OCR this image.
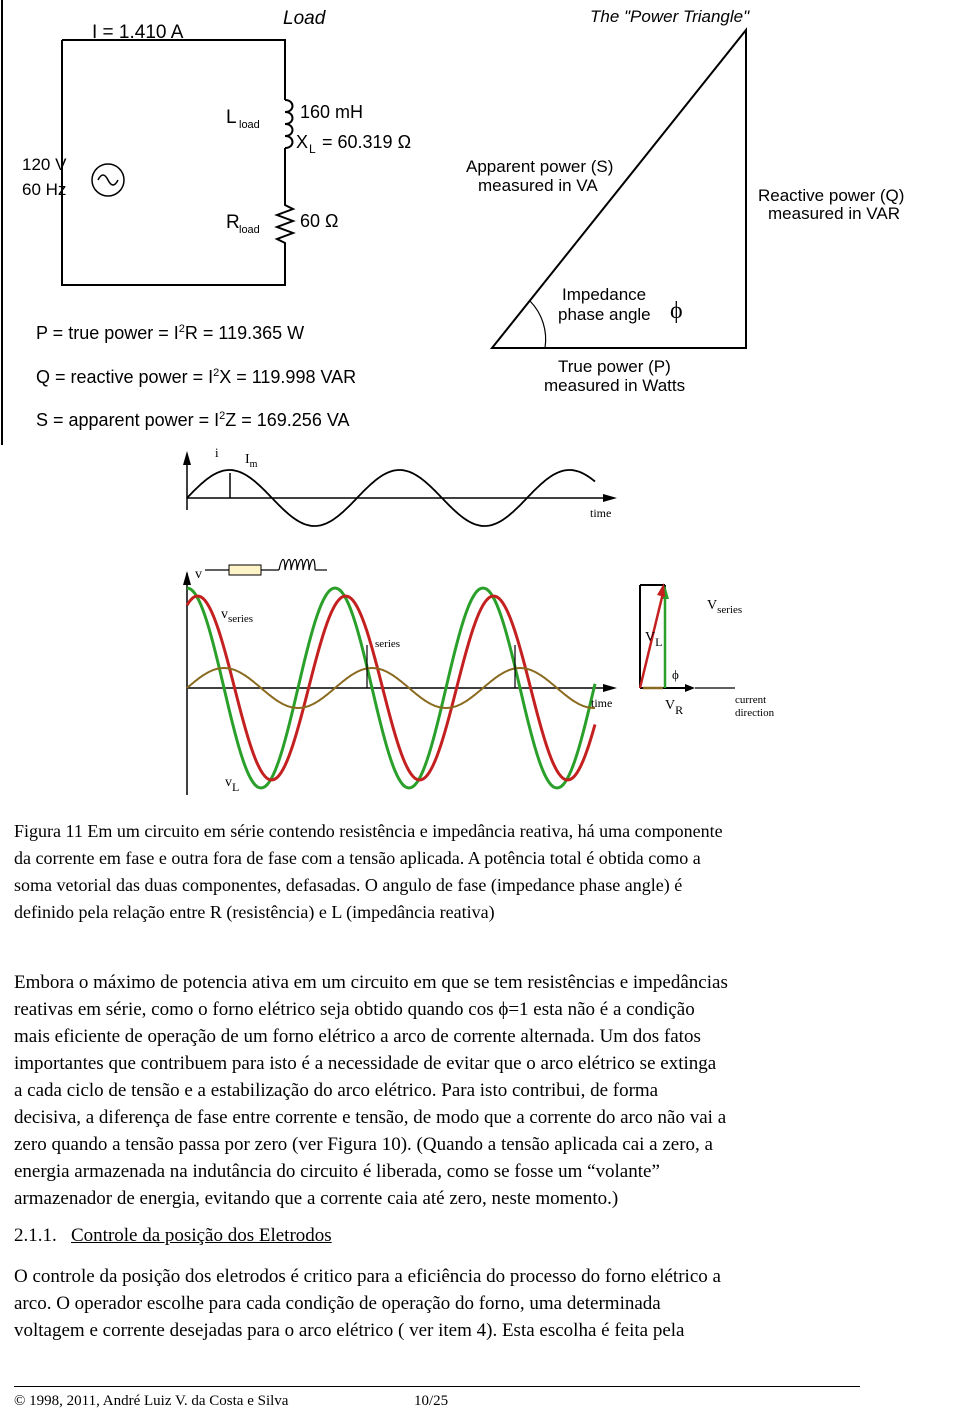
I = 1.410 A
Load
120 V
60 Hz
L load
160 mH
X L = 60.319 Ω
R load 60 Ω
P = true power = $I^2R = 119.365$ W
Q = reactive power = $I^2X = 119.998$ VAR
S = apparent power = $I^2Z = 169.256$ VA
The "Power Triangle"
Apparent power (S)
measured in VA
Reactive power (Q)
measured in VAR
Impedance
phase angle ϕ
True power (P)
measured in Watts
i $I_m$
time
v
$v_{series}$
series
time
vL
$V_{series}$
VL
ϕ
VR
current
direction
Figura 11 Em um circuito em série contendo resistência e impedância reativa, há uma componente
da corrente em fase e outra fora de fase com a tensão aplicada. A potência total é obtida como a
soma vetorial das duas componentes, defasadas. O angulo de fase (impedance phase angle) é
definido pela relação entre R (resistência) e L (impedância reativa)
Embora o máximo de potencia ativa em um circuito em que se tem resistências e impedâncias
reativas em série, como o forno elétrico seja obtido quando cos ϕ=1 esta não é a condição
mais eficiente de operação de um forno elétrico a arco de corrente alternada. Um dos fatos
importantes que contribuem para isto é a necessidade de evitar que o arco elétrico se extinga
a cada ciclo de tensão e a estabilização do arco elétrico. Para isto contribui, de forma
decisiva, a diferença de fase entre corrente e tensão, de modo que a corrente do arco não vai a
zero quando a tensão passa por zero (ver Figura 10). (Quando a tensão aplicada cai a zero, a
energia armazenada na indutância do circuito é liberada, como se fosse um “volante”
armazenador de energia, evitando que a corrente caia até zero, neste momento.)
2.1.1. Controle da posição dos Eletrodos
O controle da posição dos eletrodos é critico para a eficiência do processo do forno elétrico a
arco. O operador escolhe para cada condição de operação do forno, uma determinada
voltagem e corrente desejadas para o arco elétrico ( ver item 4). Esta escolha é feita pela
© 1998, 2011, André Luiz V. da Costa e Silva	10/25
